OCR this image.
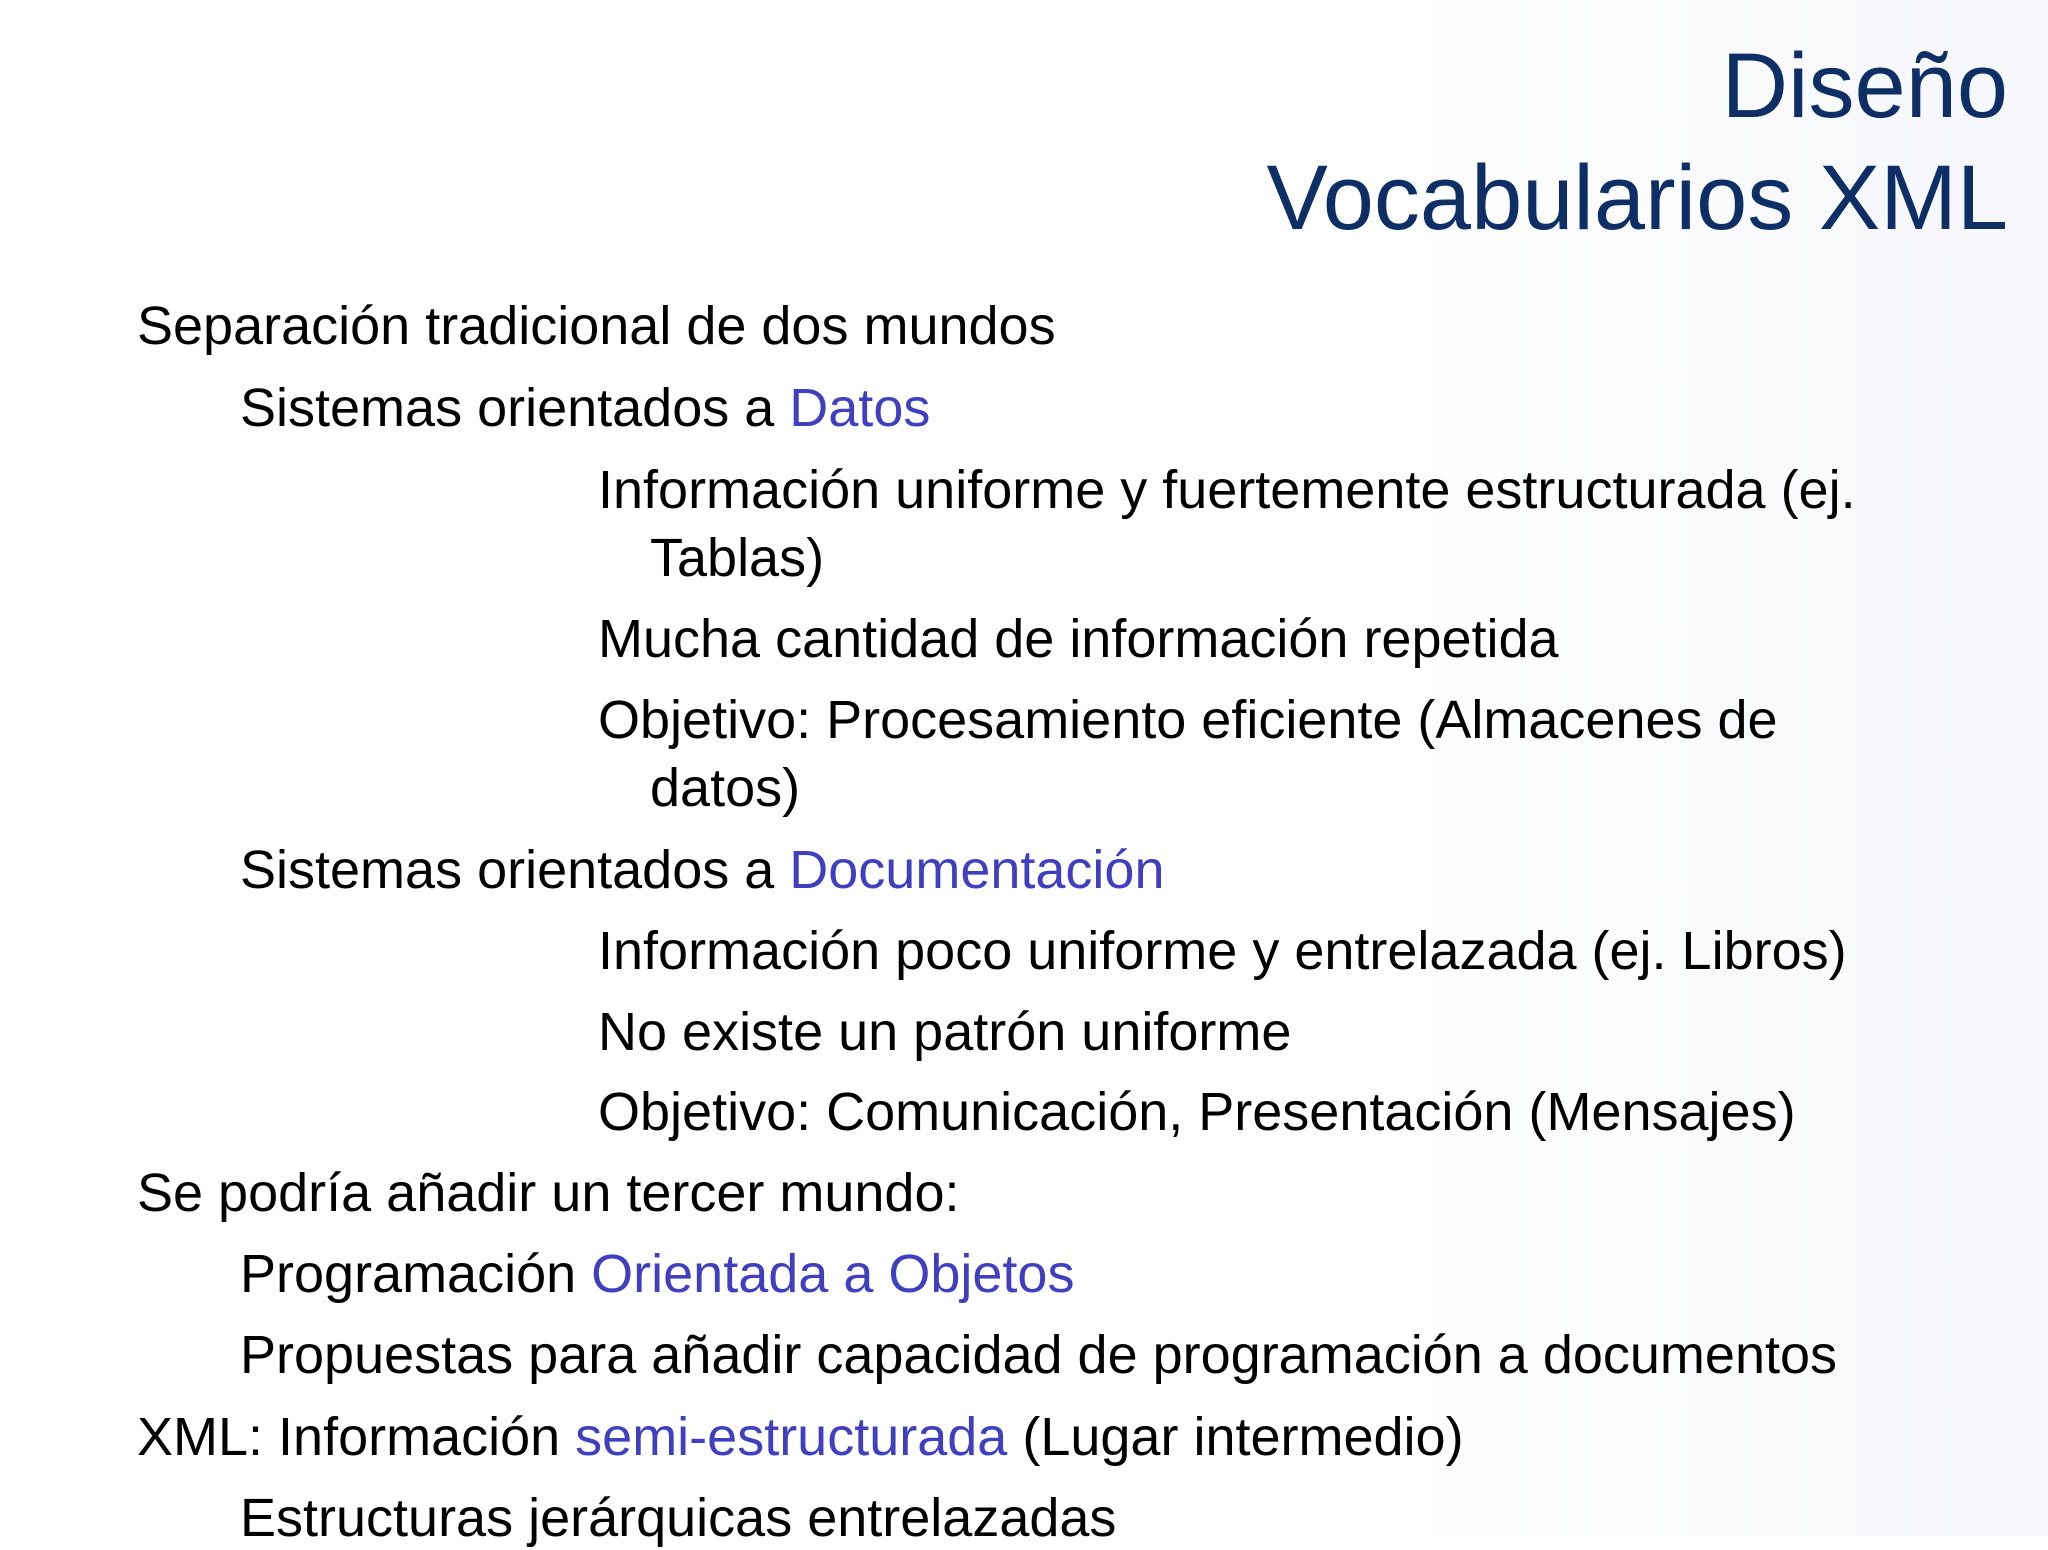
Diseño
Vocabularios XML
Separación tradicional de dos mundos
Sistemas orientados a Datos
Información uniforme y fuertemente estructurada (ej.
Tablas)
Mucha cantidad de información repetida
Objetivo: Procesamiento eficiente (Almacenes de
datos)
Sistemas orientados a Documentación
Información poco uniforme y entrelazada (ej. Libros)
No existe un patrón uniforme
Objetivo: Comunicación, Presentación (Mensajes)
Se podría añadir un tercer mundo:
Programación Orientada a Objetos
Propuestas para añadir capacidad de programación a documentos
XML: Información semi-estructurada (Lugar intermedio)
Estructuras jerárquicas entrelazadas
